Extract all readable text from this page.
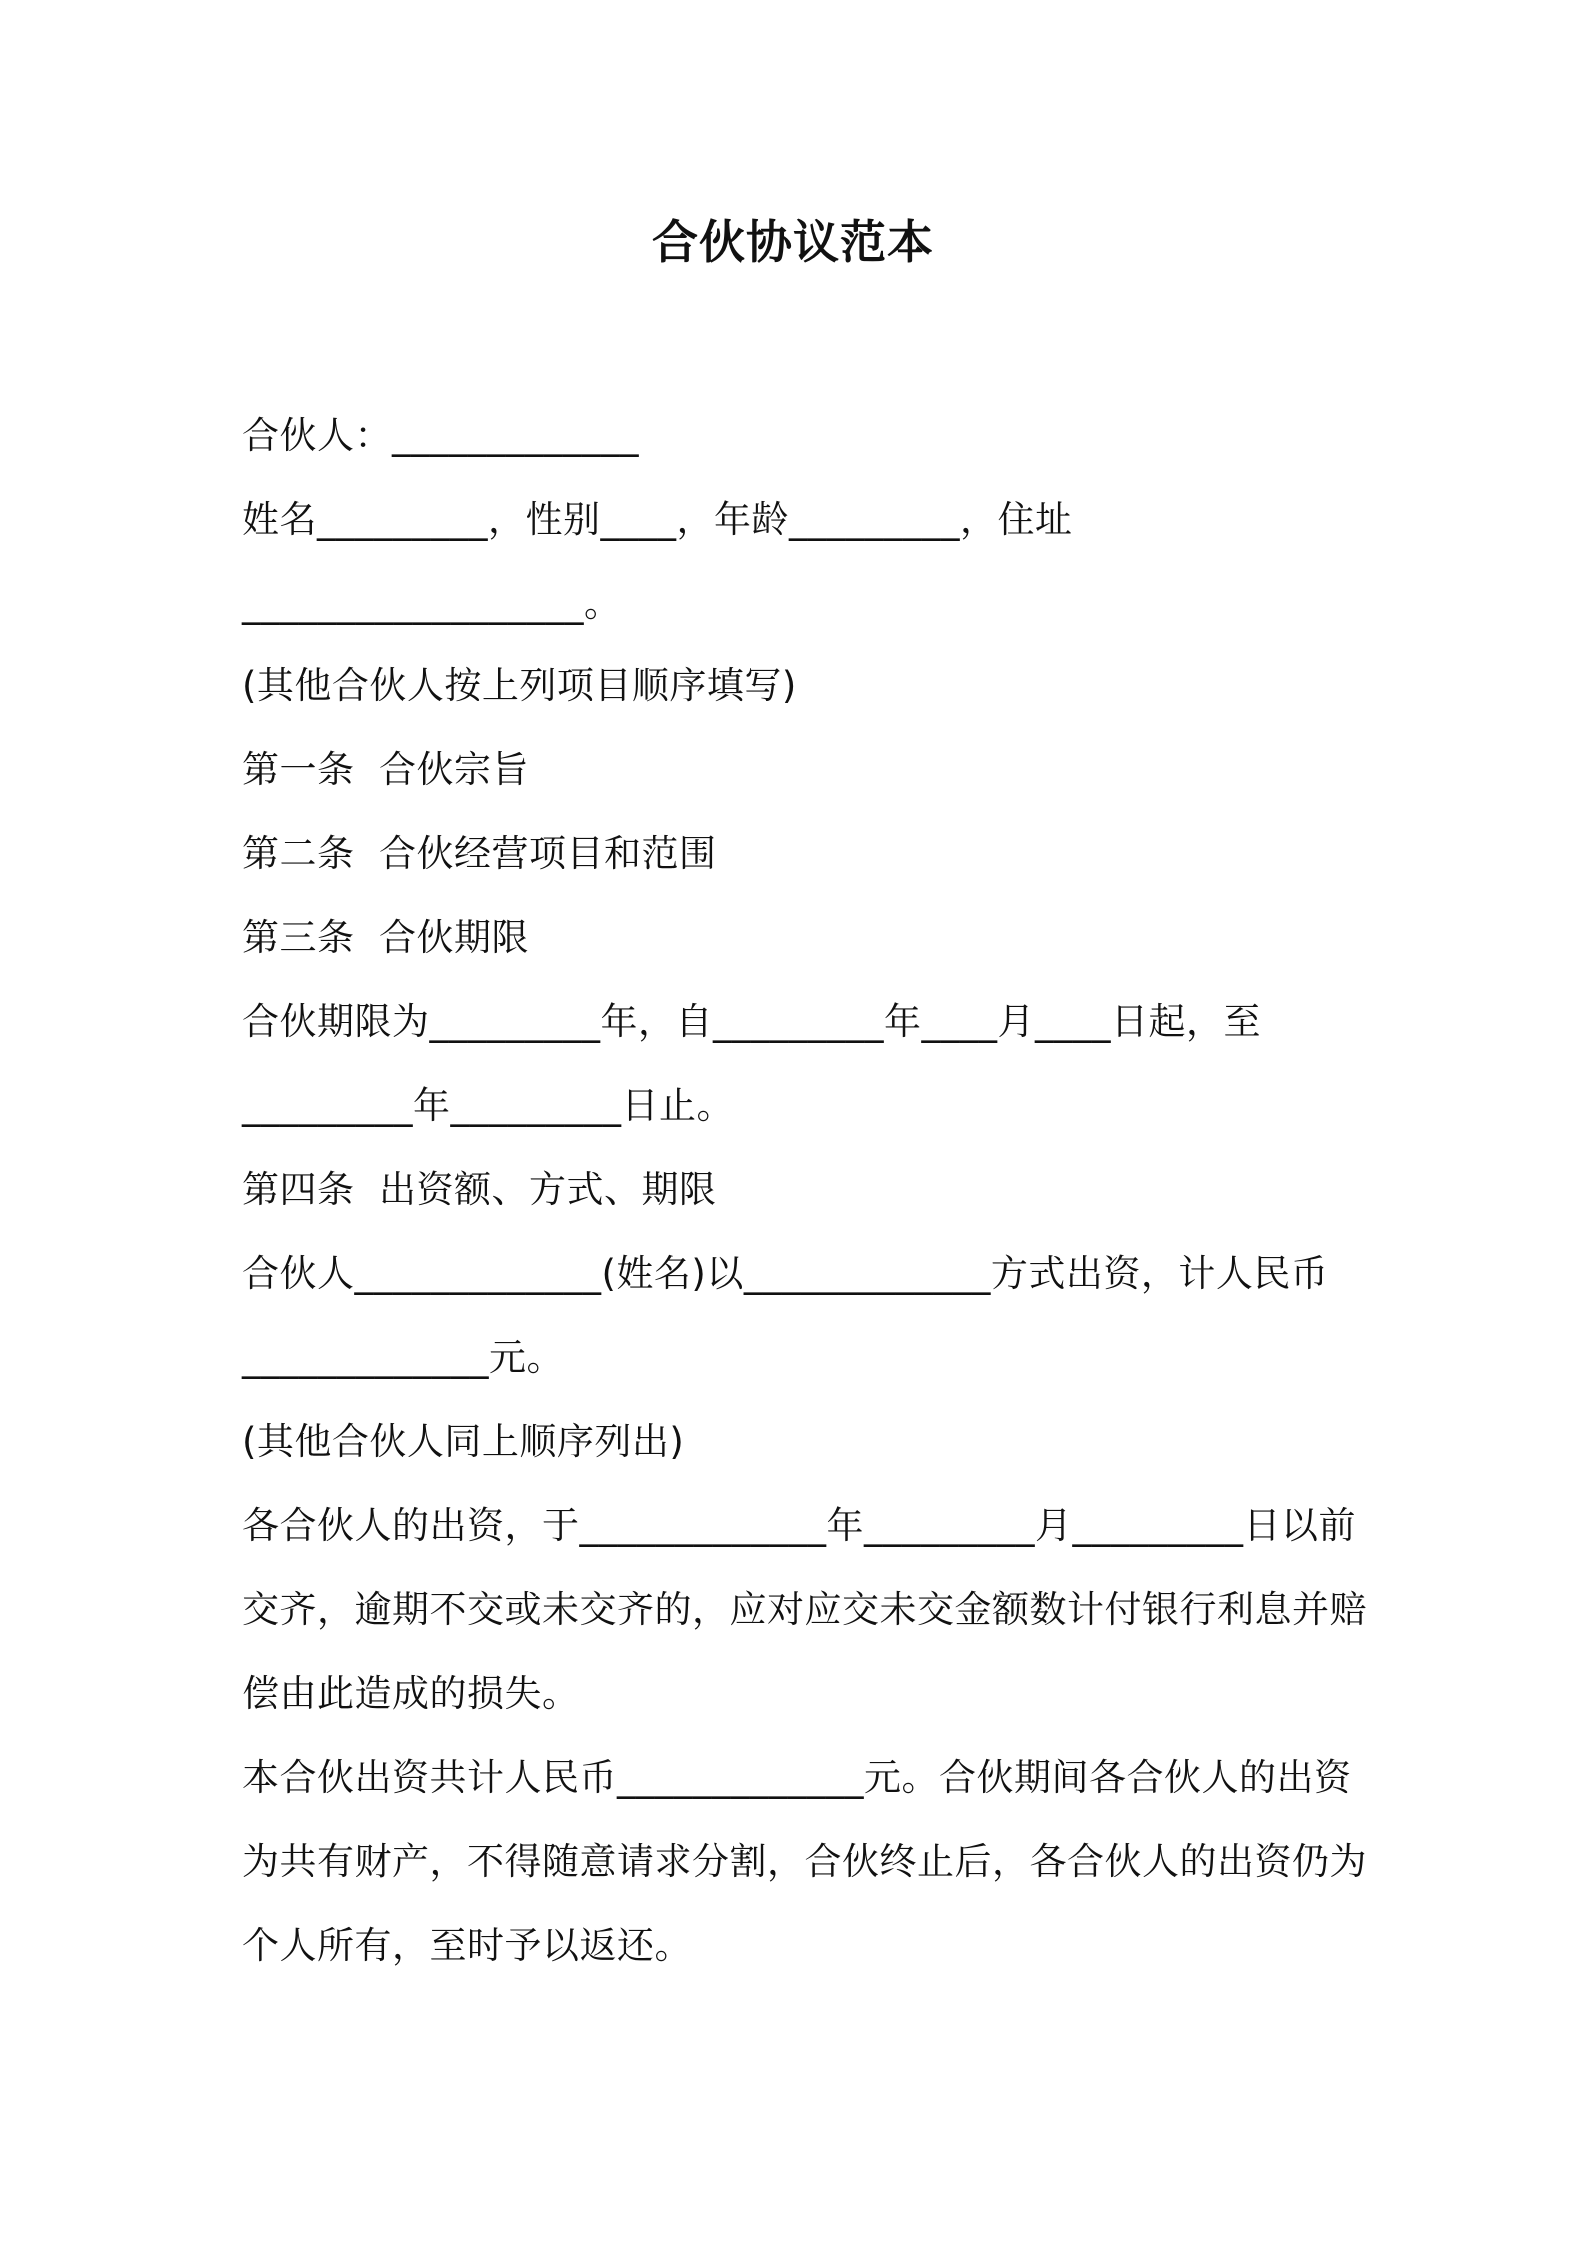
合伙协议范本
合伙人：_____________
姓名_________，性别____，年龄_________，住址
__________________。
(其他合伙人按上列项目顺序填写)
第一条  合伙宗旨
第二条  合伙经营项目和范围
第三条  合伙期限
合伙期限为_________年，自_________年____月____日起，至
_________年_________日止。
第四条  出资额、方式、期限
合伙人_____________(姓名)以_____________方式出资，计人民币
_____________元。
(其他合伙人同上顺序列出)
各合伙人的出资，于_____________年_________月_________日以前
交齐，逾期不交或未交齐的，应对应交未交金额数计付银行利息并赔
偿由此造成的损失。
本合伙出资共计人民币_____________元。合伙期间各合伙人的出资
为共有财产，不得随意请求分割，合伙终止后，各合伙人的出资仍为
个人所有，至时予以返还。
